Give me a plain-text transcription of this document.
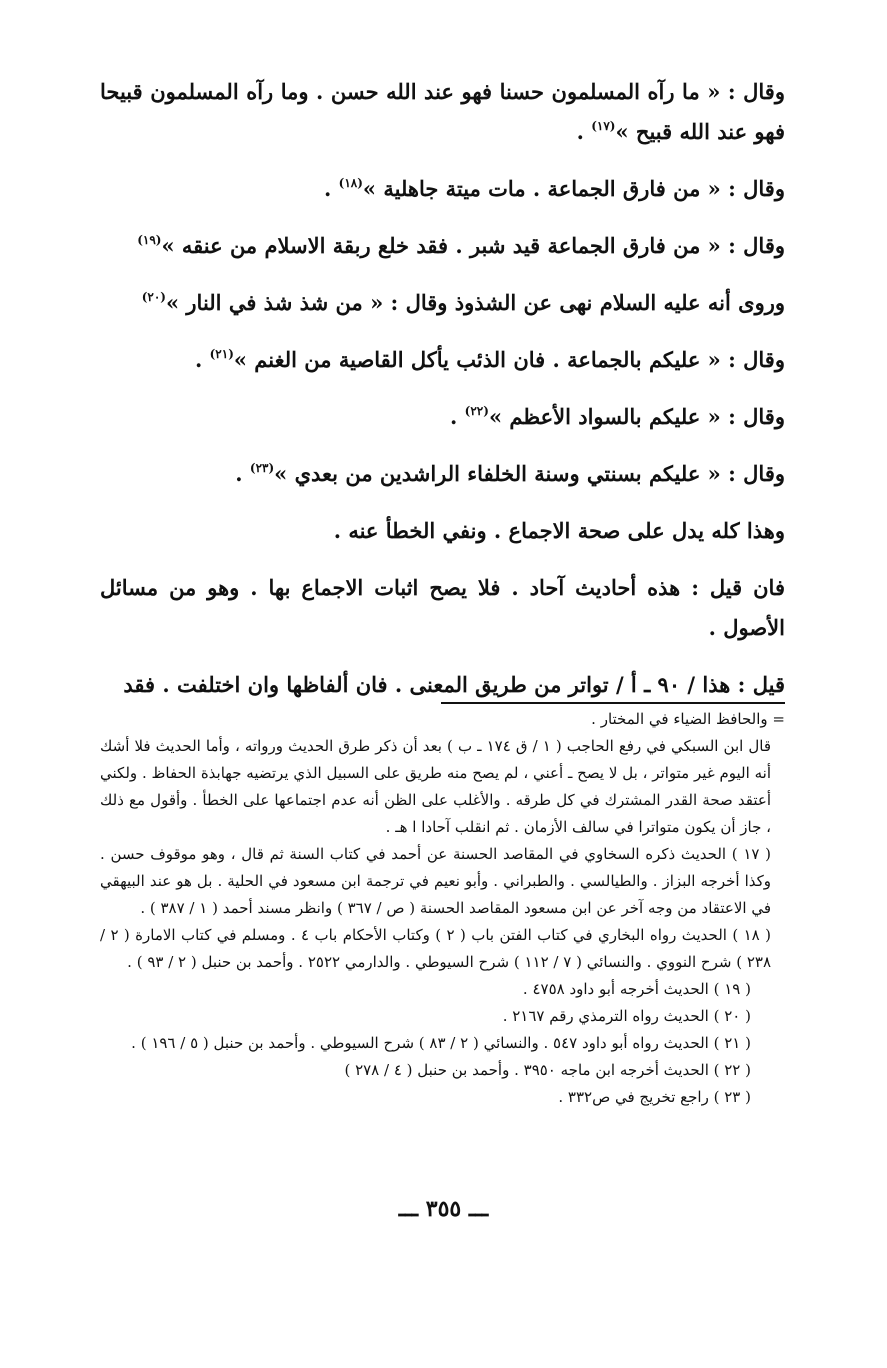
وقال : « ما رآه المسلمون حسنا فهو عند الله حسن . وما رآه المسلمون قبيحا فهو عند الله قبيح »$^{(١٧)}$ .

وقال : « من فارق الجماعة . مات ميتة جاهلية »$^{(١٨)}$ .

وقال : « من فارق الجماعة قيد شبر . فقد خلع ربقة الاسلام من عنقه »$^{(١٩)}$

وروى أنه عليه السلام نهى عن الشذوذ وقال : « من شذ شذ في النار »$^{(٢٠)}$

وقال : « عليكم بالجماعة . فان الذئب يأكل القاصية من الغنم »$^{(٢١)}$ .

وقال : « عليكم بالسواد الأعظم »$^{(٢٢)}$ .

وقال : « عليكم بسنتي وسنة الخلفاء الراشدين من بعدي »$^{(٢٣)}$ .

وهذا كله يدل على صحة الاجماع . ونفي الخطأ عنه .

فان قيل : هذه أحاديث آحاد . فلا يصح اثبات الاجماع بها . وهو من مسائل الأصول .

قيل : هذا / ٩٠ ـ أ / تواتر من طريق المعنى . فان ألفاظها وان اختلفت . فقد

= والحافظ الضياء في المختار .

قال ابن السبكي في رفع الحاجب ( ١ / ق ١٧٤ ـ ب ) بعد أن ذكر طرق الحديث ورواته ، وأما الحديث فلا أشك أنه اليوم غير متواتر ، بل لا يصح ـ أعني ، لم يصح منه طريق على السبيل الذي يرتضيه جهابذة الحفاظ . ولكني أعتقد صحة القدر المشترك في كل طرقه . والأغلب على الظن أنه عدم اجتماعها على الخطأ . وأقول مع ذلك ، جاز أن يكون متواترا في سالف الأزمان . ثم انقلب آحادا ا هـ .

( ١٧ ) الحديث ذكره السخاوي في المقاصد الحسنة عن أحمد في كتاب السنة ثم قال ، وهو موقوف حسن . وكذا أخرجه البزاز . والطيالسي . والطبراني . وأبو نعيم في ترجمة ابن مسعود في الحلية . بل هو عند البيهقي في الاعتقاد من وجه آخر عن ابن مسعود المقاصد الحسنة ( ص / ٣٦٧ ) وانظر مسند أحمد ( ١ / ٣٨٧ ) .

( ١٨ ) الحديث رواه البخاري في كتاب الفتن باب ( ٢ ) وكتاب الأحكام باب ٤ . ومسلم في كتاب الامارة ( ٢ / ٢٣٨ ) شرح النووي . والنسائي ( ٧ / ١١٢ ) شرح السيوطي . والدارمي ٢٥٢٢ . وأحمد بن حنبل ( ٢ / ٩٣ ) .

( ١٩ ) الحديث أخرجه أبو داود ٤٧٥٨ .

( ٢٠ ) الحديث رواه الترمذي رقم ٢١٦٧ .

( ٢١ ) الحديث رواه أبو داود ٥٤٧ . والنسائي ( ٢ / ٨٣ ) شرح السيوطي . وأحمد بن حنبل ( ٥ / ١٩٦ ) .

( ٢٢ ) الحديث أخرجه ابن ماجه ٣٩٥٠ . وأحمد بن حنبل ( ٤ / ٢٧٨ )

( ٢٣ ) راجع تخريج في ص٣٣٢ .

ـــ ٣٥٥ ـــ
